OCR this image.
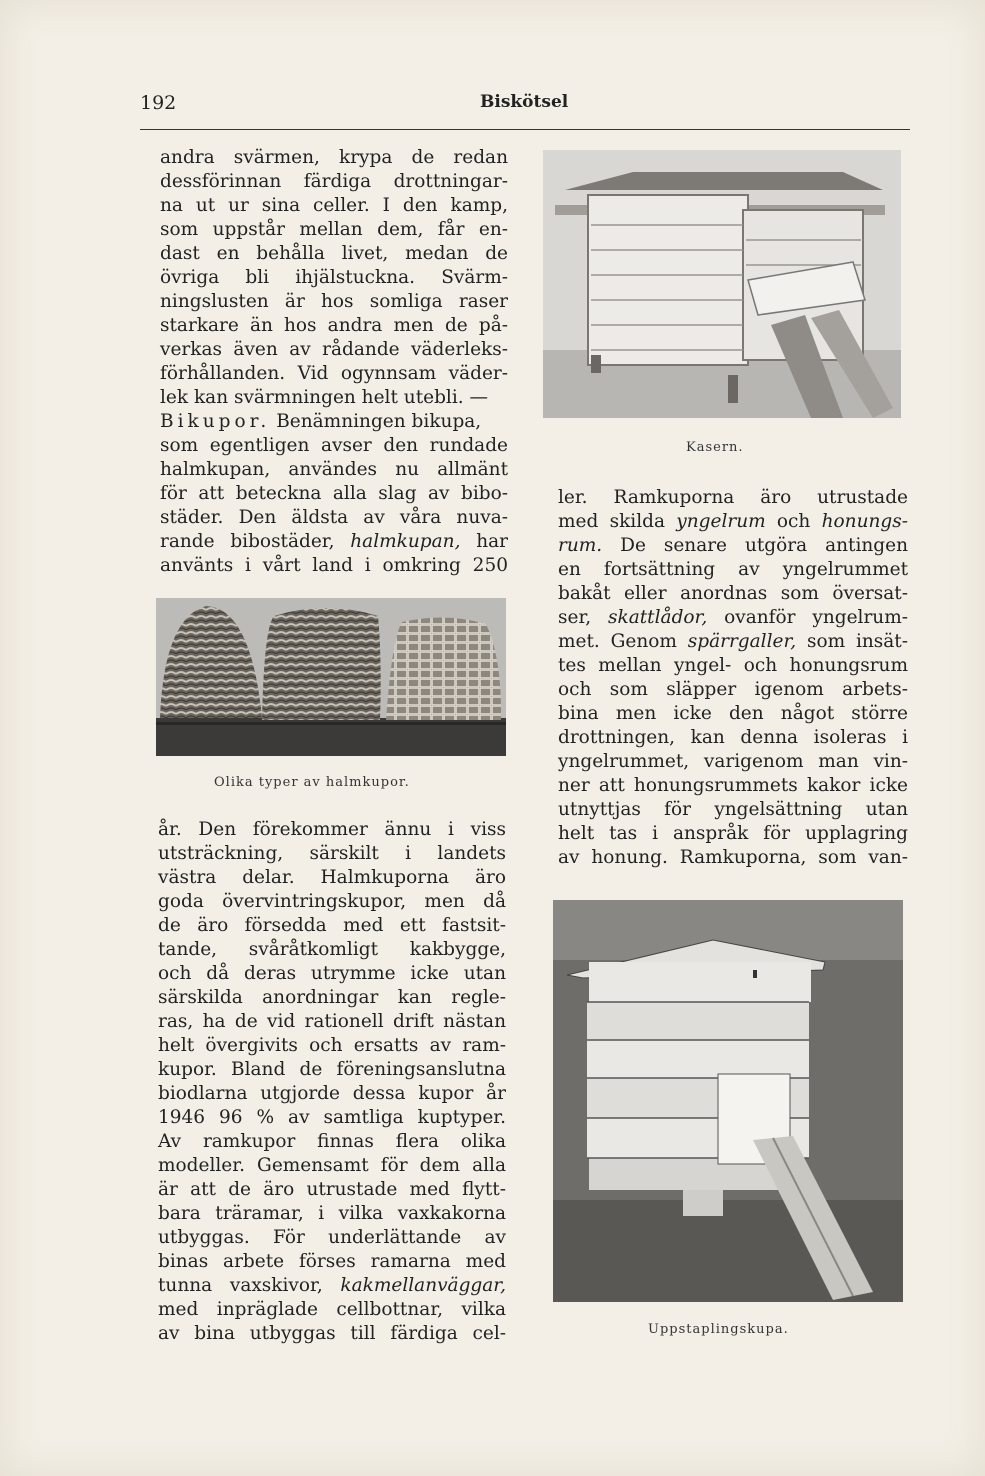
192	Biskötsel

andra svärmen, krypa de redan

dessförinnan färdiga drottningar-

na ut ur sina celler. I den kamp,

som uppstår mellan dem, får en-

dast en behålla livet, medan de

övriga bli ihjälstuckna. Svärm-

ningslusten är hos somliga raser

starkare än hos andra men de på-

verkas även av rådande väderleks-

förhållanden. Vid ogynnsam väder-

lek kan svärmningen helt utebli. —

Bikupor. Benämningen bikupa,

som egentligen avser den rundade

halmkupan, användes nu allmänt

för att beteckna alla slag av bibo-

städer. Den äldsta av våra nuva-

rande bibostäder, halmkupan, har

använts i vårt land i omkring 250

Olika typer av halmkupor.

år. Den förekommer ännu i viss

utsträckning, särskilt i landets

västra delar. Halmkuporna äro

goda övervintringskupor, men då

de äro försedda med ett fastsit-

tande, svåråtkomligt kakbygge,

och då deras utrymme icke utan

särskilda anordningar kan regle-

ras, ha de vid rationell drift nästan

helt övergivits och ersatts av ram-

kupor. Bland de föreningsanslutna

biodlarna utgjorde dessa kupor år

1946 96 % av samtliga kuptyper.

Av ramkupor finnas flera olika

modeller. Gemensamt för dem alla

är att de äro utrustade med flytt-

bara träramar, i vilka vaxkakorna

utbyggas. För underlättande av

binas arbete förses ramarna med

tunna vaxskivor, kakmellanväggar,

med inpräglade cellbottnar, vilka

av bina utbyggas till färdiga cel-

Kasern.

ler. Ramkuporna äro utrustade

med skilda yngelrum och honungs-

rum. De senare utgöra antingen

en fortsättning av yngelrummet

bakåt eller anordnas som översat-

ser, skattlådor, ovanför yngelrum-

met. Genom spärrgaller, som insät-

tes mellan yngel- och honungsrum

och som släpper igenom arbets-

bina men icke den något större

drottningen, kan denna isoleras i

yngelrummet, varigenom man vin-

ner att honungsrummets kakor icke

utnyttjas för yngelsättning utan

helt tas i anspråk för upplagring

av honung. Ramkuporna, som van-

Uppstaplingskupa.
